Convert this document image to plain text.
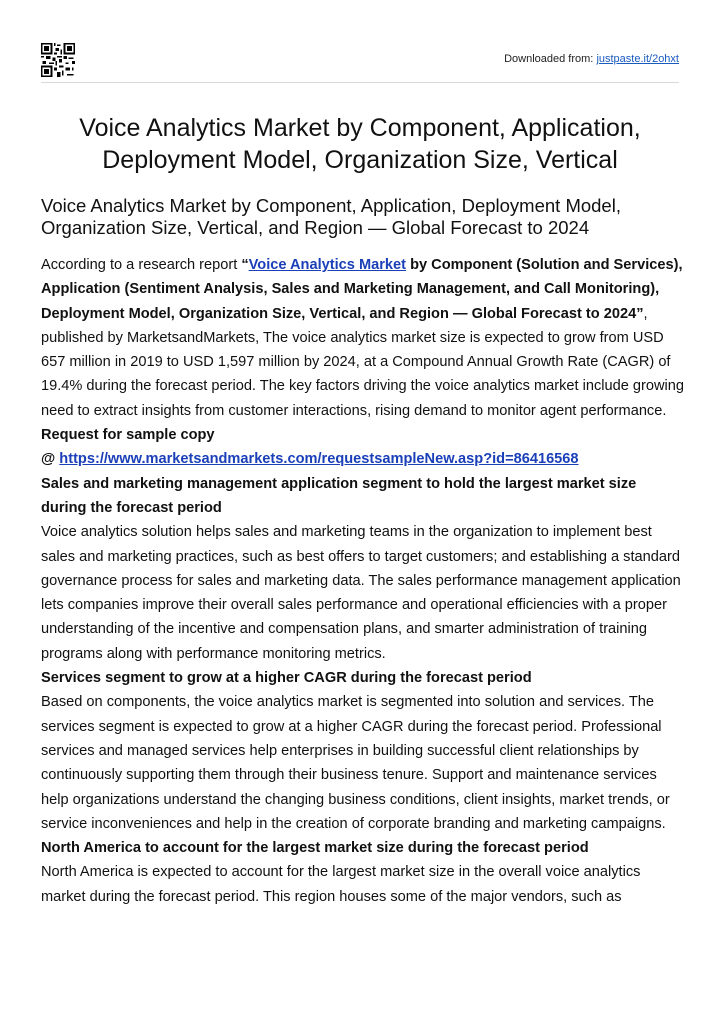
Downloaded from: justpaste.it/2ohxt
Voice Analytics Market by Component, Application, Deployment Model, Organization Size, Vertical
Voice Analytics Market by Component, Application, Deployment Model, Organization Size, Vertical, and Region — Global Forecast to 2024

According to a research report “Voice Analytics Market by Component (Solution and Services), Application (Sentiment Analysis, Sales and Marketing Management, and Call Monitoring), Deployment Model, Organization Size, Vertical, and Region — Global Forecast to 2024”, published by MarketsandMarkets, The voice analytics market size is expected to grow from USD 657 million in 2019 to USD 1,597 million by 2024, at a Compound Annual Growth Rate (CAGR) of 19.4% during the forecast period. The key factors driving the voice analytics market include growing need to extract insights from customer interactions, rising demand to monitor agent performance.

Request for sample copy

@ https://www.marketsandmarkets.com/requestsampleNew.asp?id=86416568

Sales and marketing management application segment to hold the largest market size during the forecast period

Voice analytics solution helps sales and marketing teams in the organization to implement best sales and marketing practices, such as best offers to target customers; and establishing a standard governance process for sales and marketing data. The sales performance management application lets companies improve their overall sales performance and operational efficiencies with a proper understanding of the incentive and compensation plans, and smarter administration of training programs along with performance monitoring metrics.

Services segment to grow at a higher CAGR during the forecast period

Based on components, the voice analytics market is segmented into solution and services. The services segment is expected to grow at a higher CAGR during the forecast period. Professional services and managed services help enterprises in building successful client relationships by continuously supporting them through their business tenure. Support and maintenance services help organizations understand the changing business conditions, client insights, market trends, or service inconveniences and help in the creation of corporate branding and marketing campaigns.

North America to account for the largest market size during the forecast period

North America is expected to account for the largest market size in the overall voice analytics market during the forecast period. This region houses some of the major vendors, such as
